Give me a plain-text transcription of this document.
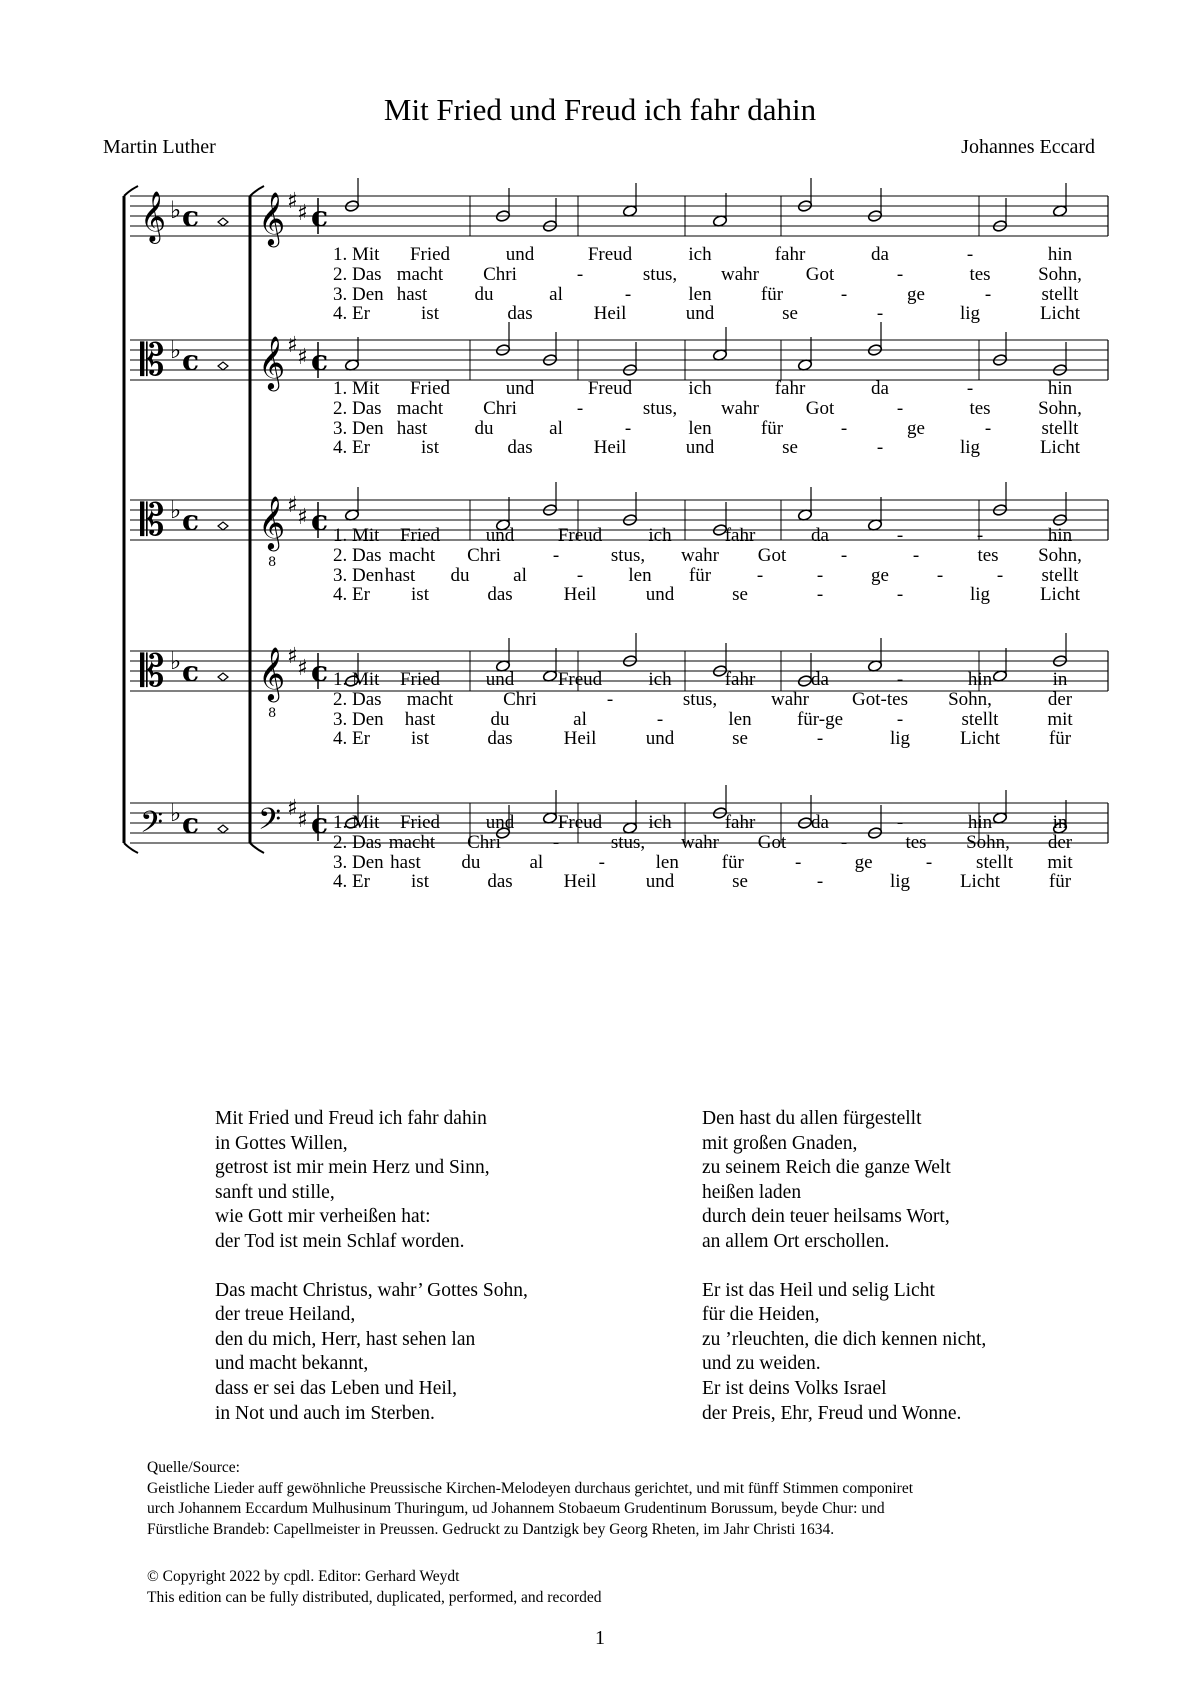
Mit Fried und Freud ich fahr dahin
Martin Luther	Johannes Eccard
𝄞 ♭ c 𝄞 ♯ ♯ c
𝄡 ♭ c 𝄞 ♯ ♯ c
𝄡 ♭ c 𝄞
8
♯ ♯ c
𝄡 ♭ c 𝄞
8
♯ ♯ c
𝄢 ♭ c 𝄢 ♯ ♯ c
1. Mit Fried	und	Freud	ich	fahr	da	-	hin
2. Das macht Chri	-	stus, wahr Got	-	tes	Sohn,
3. Den hast du	al	-	len	für	-	ge	-	stellt
4. Er	ist	das	Heil	und	se	-	lig	Licht
1. Mit Fried	und	Freud	ich	fahr	da	-	hin
2. Das macht Chri	-	stus, wahr Got	-	tes	Sohn,
3. Den hast du	al	-	len	für	-	ge	-	stellt
4. Er	ist	das	Heil	und	se	-	lig	Licht
1. Mit Fried und Freud ich	fahr	da	-	-	hin
2. Das macht Chri	-	stus, wahr Got	-	-	tes Sohn,
3. Den hast du al	- len für -	-	ge	-	- stellt
4. Er ist	das	Heil	und	se	-	-	lig	Licht
1. Mit Fried und Freud ich	fahr	da	-	hin	in
2. Das macht	Chri	-	stus,	wahr Got-tes Sohn,	der
3. Den hast	du	al	-	len für-ge	-	stellt	mit
4. Er ist	das	Heil	und	se	-	lig	Licht	für
1. Mit Fried und Freud ich	fahr	da	-	hin	in
2. Das macht Chri	-	stus, wahr Got	-	tes Sohn, der
3. Den hast du	al	-	len für	-	ge	- stellt mit
4. Er ist	das	Heil	und	se	-	lig	Licht	für
Mit Fried und Freud ich fahr dahin
in Gottes Willen,
getrost ist mir mein Herz und Sinn,
sanft und stille,
wie Gott mir verheißen hat:
der Tod ist mein Schlaf worden.
Das macht Christus, wahr’ Gottes Sohn,
der treue Heiland,
den du mich, Herr, hast sehen lan
und macht bekannt,
dass er sei das Leben und Heil,
in Not und auch im Sterben.
Den hast du allen fürgestellt
mit großen Gnaden,
zu seinem Reich die ganze Welt
heißen laden
durch dein teuer heilsams Wort,
an allem Ort erschollen.
Er ist das Heil und selig Licht
für die Heiden,
zu ’rleuchten, die dich kennen nicht,
und zu weiden.
Er ist deins Volks Israel
der Preis, Ehr, Freud und Wonne.
Quelle/Source:
Geistliche Lieder auff gewöhnliche Preussische Kirchen-Melodeyen durchaus gerichtet, und mit fünff Stimmen componiret
urch Johannem Eccardum Mulhusinum Thuringum, ud Johannem Stobaeum Grudentinum Borussum, beyde Chur: und
Fürstliche Brandeb: Capellmeister in Preussen. Gedruckt zu Dantzigk bey Georg Rheten, im Jahr Christi 1634.
© Copyright 2022 by cpdl. Editor: Gerhard Weydt
This edition can be fully distributed, duplicated, performed, and recorded
1
